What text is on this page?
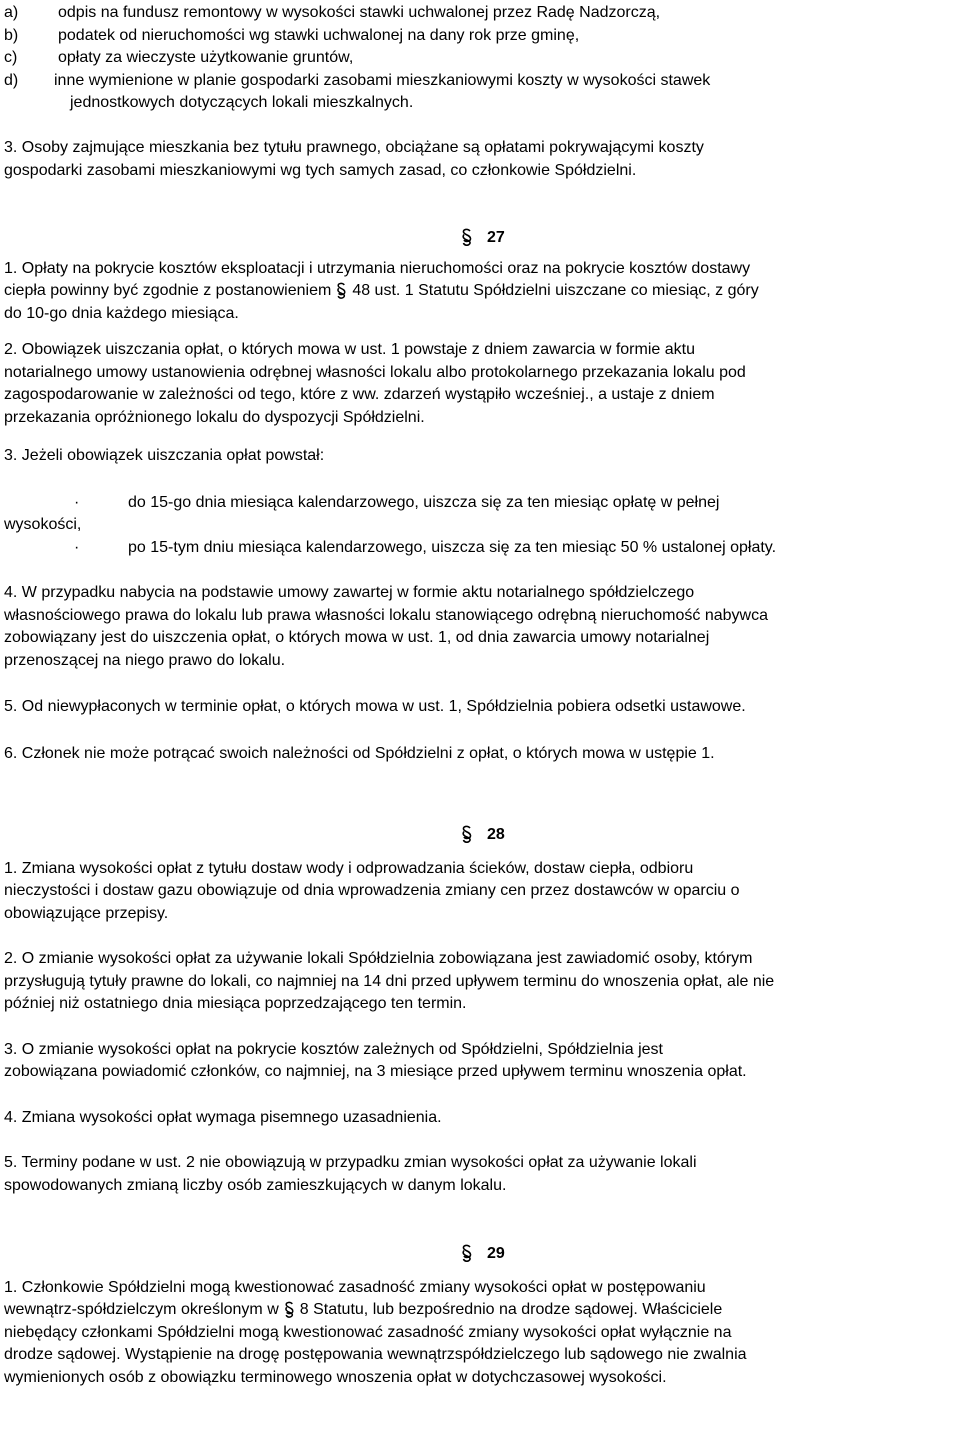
a) odpis na fundusz remontowy w wysokości stawki uchwalonej przez Radę Nadzorczą,
b) podatek od nieruchomości wg stawki uchwalonej na dany rok prze gminę,
c)	opłaty za wieczyste użytkowanie gruntów,
d) inne wymienione w planie gospodarki zasobami mieszkaniowymi koszty w wysokości stawek
jednostkowych dotyczących lokali mieszkalnych.
3. Osoby zajmujące mieszkania bez tytułu prawnego, obciążane są opłatami pokrywającymi koszty
gospodarki zasobami mieszkaniowymi wg tych samych zasad, co członkowie Spółdzielni.
27
1. Opłaty na pokrycie kosztów eksploatacji i utrzymania nieruchomości oraz na pokrycie kosztów dostawy
ciepła powinny być zgodnie z postanowieniem 48 ust. 1 Statutu Spółdzielni uiszczane co miesiąc, z góry
do 10-go dnia każdego miesiąca.
2. Obowiązek uiszczania opłat, o których mowa w ust. 1 powstaje z dniem zawarcia w formie aktu
notarialnego umowy ustanowienia odrębnej własności lokalu albo protokolarnego przekazania lokalu pod
zagospodarowanie w zależności od tego, które z ww. zdarzeń wystąpiło wcześniej., a ustaje z dniem
przekazania opróżnionego lokalu do dyspozycji Spółdzielni.
3. Jeżeli obowiązek uiszczania opłat powstał:
·	do 15-go dnia miesiąca kalendarzowego, uiszcza się za ten miesiąc opłatę w pełnej
wysokości,
·	po 15-tym dniu miesiąca kalendarzowego, uiszcza się za ten miesiąc 50 % ustalonej opłaty.
4. W przypadku nabycia na podstawie umowy zawartej w formie aktu notarialnego spółdzielczego
własnościowego prawa do lokalu lub prawa własności lokalu stanowiącego odrębną nieruchomość nabywca
zobowiązany jest do uiszczenia opłat, o których mowa w ust. 1, od dnia zawarcia umowy notarialnej
przenoszącej na niego prawo do lokalu.
5. Od niewypłaconych w terminie opłat, o których mowa w ust. 1, Spółdzielnia pobiera odsetki ustawowe.
6. Członek nie może potrącać swoich należności od Spółdzielni z opłat, o których mowa w ustępie 1.
28
1. Zmiana wysokości opłat z tytułu dostaw wody i odprowadzania ścieków, dostaw ciepła, odbioru
nieczystości i dostaw gazu obowiązuje od dnia wprowadzenia zmiany cen przez dostawców w oparciu o
obowiązujące przepisy.
2. O zmianie wysokości opłat za używanie lokali Spółdzielnia zobowiązana jest zawiadomić osoby, którym
przysługują tytuły prawne do lokali, co najmniej na 14 dni przed upływem terminu do wnoszenia opłat, ale nie
później niż ostatniego dnia miesiąca poprzedzającego ten termin.
3. O zmianie wysokości opłat na pokrycie kosztów zależnych od Spółdzielni, Spółdzielnia jest
zobowiązana powiadomić członków, co najmniej, na 3 miesiące przed upływem terminu wnoszenia opłat.
4. Zmiana wysokości opłat wymaga pisemnego uzasadnienia.
5. Terminy podane w ust. 2 nie obowiązują w przypadku zmian wysokości opłat za używanie lokali
spowodowanych zmianą liczby osób zamieszkujących w danym lokalu.
29
1. Członkowie Spółdzielni mogą kwestionować zasadność zmiany wysokości opłat w postępowaniu
wewnątrz-spółdzielczym określonym w 8 Statutu, lub bezpośrednio na drodze sądowej. Właściciele
niebędący członkami Spółdzielni mogą kwestionować zasadność zmiany wysokości opłat wyłącznie na
drodze sądowej. Wystąpienie na drogę postępowania wewnątrzspółdzielczego lub sądowego nie zwalnia
wymienionych osób z obowiązku terminowego wnoszenia opłat w dotychczasowej wysokości.
